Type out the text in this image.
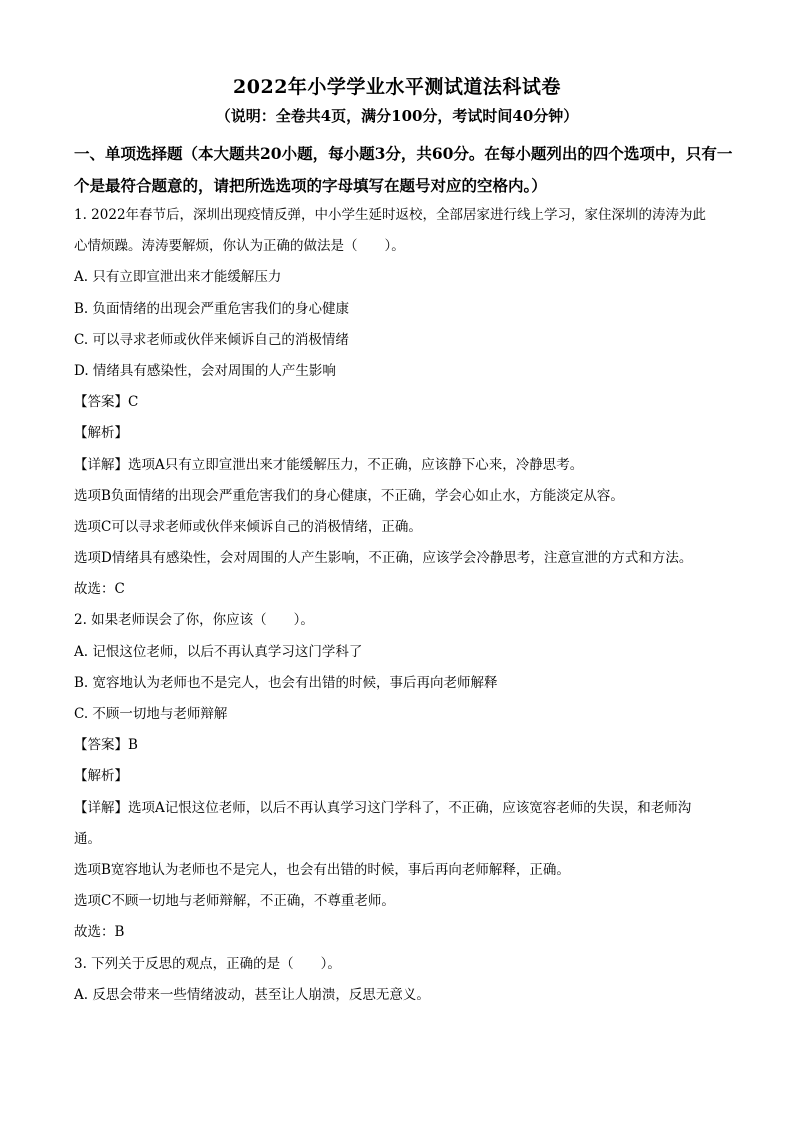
2022年小学学业水平测试道法科试卷
（说明：全卷共4页，满分100分，考试时间40分钟）
一、单项选择题（本大题共20小题，每小题3分，共60分。在每小题列出的四个选项中，只有一个是最符合题意的，请把所选选项的字母填写在题号对应的空格内。）
1. 2022年春节后，深圳出现疫情反弹，中小学生延时返校，全部居家进行线上学习，家住深圳的涛涛为此
心情烦躁。涛涛要解烦，你认为正确的做法是（　　）。
A. 只有立即宣泄出来才能缓解压力
B. 负面情绪的出现会严重危害我们的身心健康
C. 可以寻求老师或伙伴来倾诉自己的消极情绪
D. 情绪具有感染性，会对周围的人产生影响
【答案】C
【解析】
【详解】选项A只有立即宣泄出来才能缓解压力，不正确，应该静下心来，冷静思考。
选项B负面情绪的出现会严重危害我们的身心健康，不正确，学会心如止水，方能淡定从容。
选项C可以寻求老师或伙伴来倾诉自己的消极情绪，正确。
选项D情绪具有感染性，会对周围的人产生影响，不正确，应该学会冷静思考，注意宣泄的方式和方法。
故选：C
2. 如果老师误会了你，你应该（　　）。
A. 记恨这位老师，以后不再认真学习这门学科了
B. 宽容地认为老师也不是完人，也会有出错的时候，事后再向老师解释
C. 不顾一切地与老师辩解
【答案】B
【解析】
【详解】选项A记恨这位老师，以后不再认真学习这门学科了，不正确，应该宽容老师的失误，和老师沟
通。
选项B宽容地认为老师也不是完人，也会有出错的时候，事后再向老师解释，正确。
选项C不顾一切地与老师辩解，不正确，不尊重老师。
故选：B
3. 下列关于反思的观点，正确的是（　　）。
A. 反思会带来一些情绪波动，甚至让人崩溃，反思无意义。
